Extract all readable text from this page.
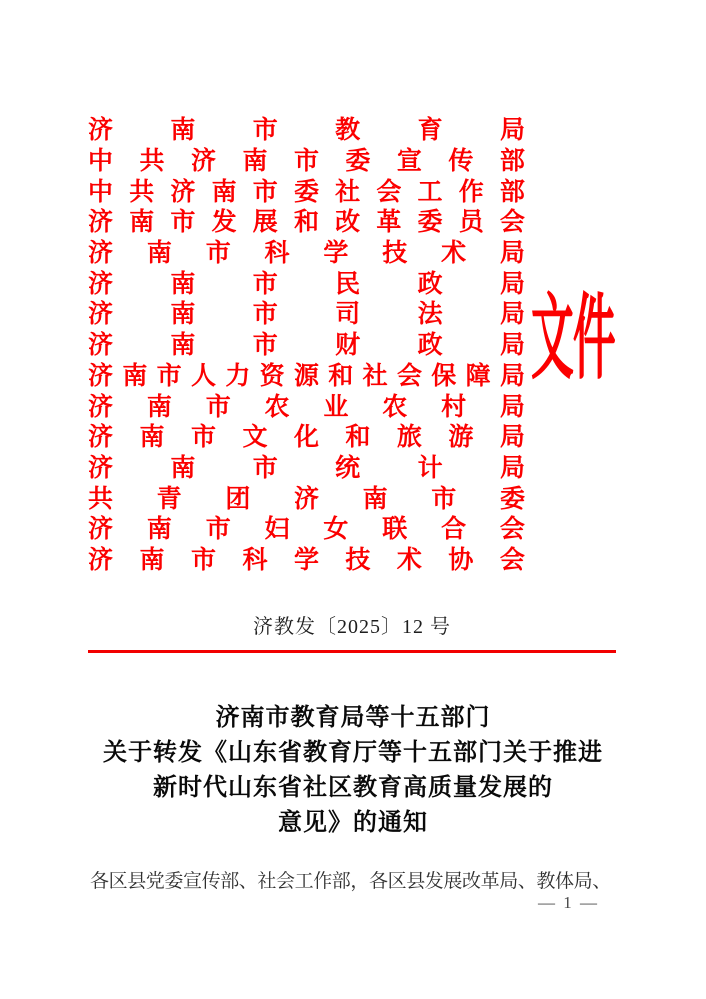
济 南 市 教 育 局
中 共 济 南 市 委 宣 传 部
中 共 济 南 市 委 社 会 工 作 部
济 南 市 发 展 和 改 革 委 员 会
济 南 市 科 学 技 术 局
济 南 市 民 政 局
济 南 市 司 法 局
济 南 市 财 政 局
济 南 市 人 力 资 源 和 社 会 保 障 局
济 南 市 农 业 农 村 局
济 南 市 文 化 和 旅 游 局
济 南 市 统 计 局
共 青 团 济 南 市 委
济 南 市 妇 女 联 合 会
济 南 市 科 学 技 术 协 会
文件
济教发〔2025〕12 号
济南市教育局等十五部门
关于转发《山东省教育厅等十五部门关于推进
新时代山东省社区教育高质量发展的
意见》的通知
各区县党委宣传部、社会工作部，各区县发展改革局、教体局、
— 1 —
